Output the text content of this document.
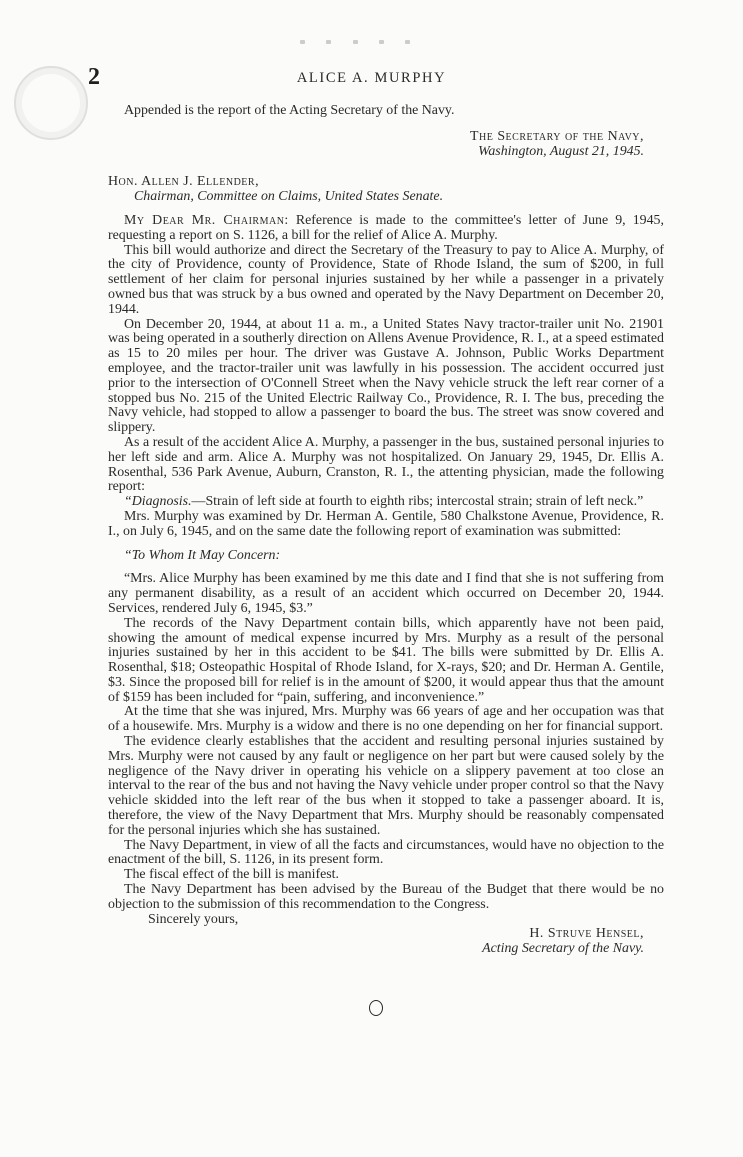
2	ALICE A. MURPHY

Appended is the report of the Acting Secretary of the Navy.

The Secretary of the Navy,

Washington, August 21, 1945.

Hon. Allen J. Ellender,

Chairman, Committee on Claims, United States Senate.

My Dear Mr. Chairman: Reference is made to the committee's letter of June 9, 1945, requesting a report on S. 1126, a bill for the relief of Alice A. Murphy.

This bill would authorize and direct the Secretary of the Treasury to pay to Alice A. Murphy, of the city of Providence, county of Providence, State of Rhode Island, the sum of $200, in full settlement of her claim for personal injuries sustained by her while a passenger in a privately owned bus that was struck by a bus owned and operated by the Navy Department on December 20, 1944.

On December 20, 1944, at about 11 a. m., a United States Navy tractor-trailer unit No. 21901 was being operated in a southerly direction on Allens Avenue Providence, R. I., at a speed estimated as 15 to 20 miles per hour. The driver was Gustave A. Johnson, Public Works Department employee, and the tractor-trailer unit was lawfully in his possession. The accident occurred just prior to the intersection of O'Connell Street when the Navy vehicle struck the left rear corner of a stopped bus No. 215 of the United Electric Railway Co., Providence, R. I. The bus, preceding the Navy vehicle, had stopped to allow a passenger to board the bus. The street was snow covered and slippery.

As a result of the accident Alice A. Murphy, a passenger in the bus, sustained personal injuries to her left side and arm. Alice A. Murphy was not hospitalized. On January 29, 1945, Dr. Ellis A. Rosenthal, 536 Park Avenue, Auburn, Cranston, R. I., the attenting physician, made the following report:

“Diagnosis.—Strain of left side at fourth to eighth ribs; intercostal strain; strain of left neck.”

Mrs. Murphy was examined by Dr. Herman A. Gentile, 580 Chalkstone Avenue, Providence, R. I., on July 6, 1945, and on the same date the following report of examination was submitted:

“To Whom It May Concern:

“Mrs. Alice Murphy has been examined by me this date and I find that she is not suffering from any permanent disability, as a result of an accident which occurred on December 20, 1944. Services, rendered July 6, 1945, $3.”

The records of the Navy Department contain bills, which apparently have not been paid, showing the amount of medical expense incurred by Mrs. Murphy as a result of the personal injuries sustained by her in this accident to be $41. The bills were submitted by Dr. Ellis A. Rosenthal, $18; Osteopathic Hospital of Rhode Island, for X-rays, $20; and Dr. Herman A. Gentile, $3. Since the proposed bill for relief is in the amount of $200, it would appear thus that the amount of $159 has been included for “pain, suffering, and inconvenience.”

At the time that she was injured, Mrs. Murphy was 66 years of age and her occupation was that of a housewife. Mrs. Murphy is a widow and there is no one depending on her for financial support.

The evidence clearly establishes that the accident and resulting personal injuries sustained by Mrs. Murphy were not caused by any fault or negligence on her part but were caused solely by the negligence of the Navy driver in operating his vehicle on a slippery pavement at too close an interval to the rear of the bus and not having the Navy vehicle under proper control so that the Navy vehicle skidded into the left rear of the bus when it stopped to take a passenger aboard. It is, therefore, the view of the Navy Department that Mrs. Murphy should be reasonably compensated for the personal injuries which she has sustained.

The Navy Department, in view of all the facts and circumstances, would have no objection to the enactment of the bill, S. 1126, in its present form.

The fiscal effect of the bill is manifest.

The Navy Department has been advised by the Bureau of the Budget that there would be no objection to the submission of this recommendation to the Congress.

Sincerely yours,

H. Struve Hensel,

Acting Secretary of the Navy.
